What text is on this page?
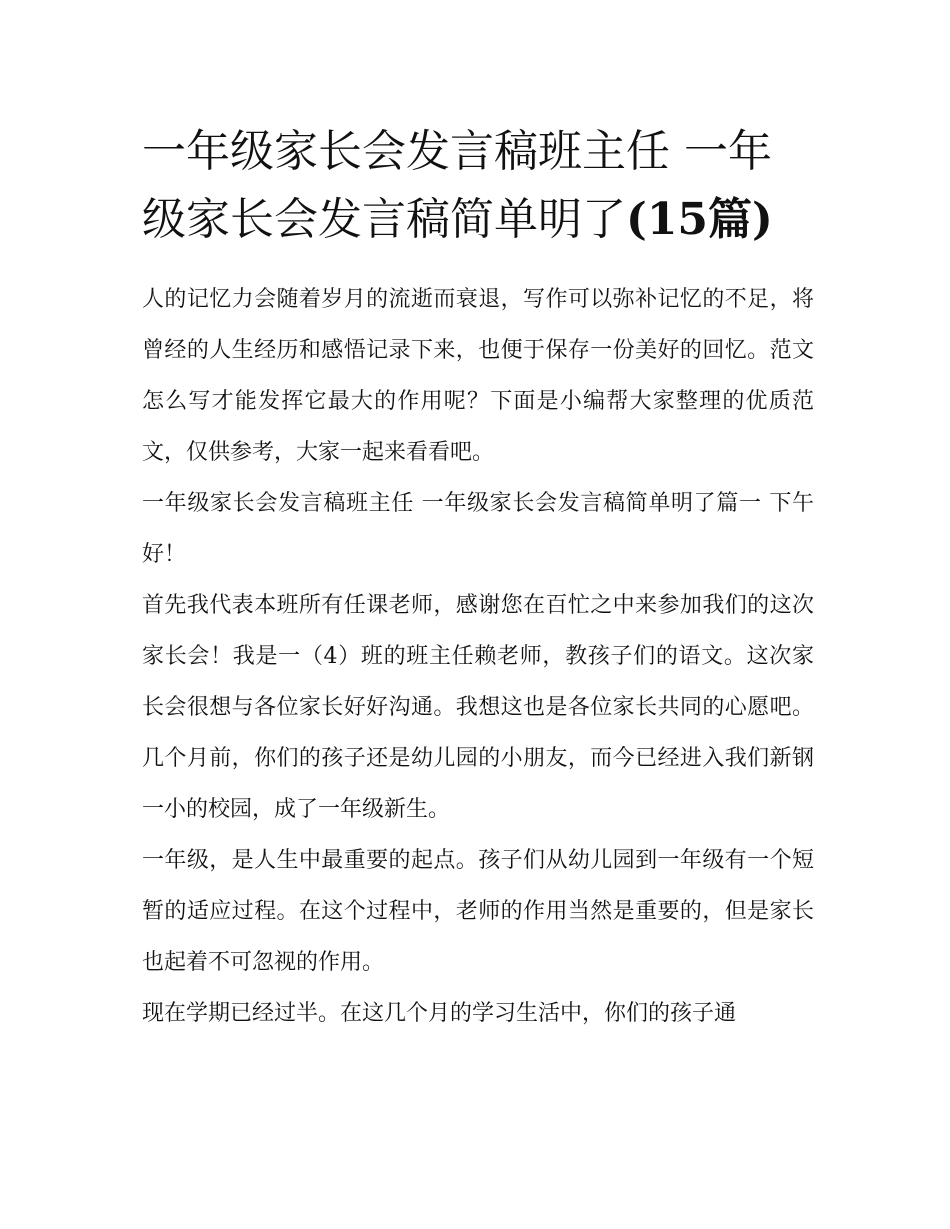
一年级家长会发言稿班主任 一年级家长会发言稿简单明了(15篇)

人的记忆力会随着岁月的流逝而衰退，写作可以弥补记忆的不足，将曾经的人生经历和感悟记录下来，也便于保存一份美好的回忆。范文怎么写才能发挥它最大的作用呢？下面是小编帮大家整理的优质范文，仅供参考，大家一起来看看吧。

一年级家长会发言稿班主任 一年级家长会发言稿简单明了篇一 下午好！

首先我代表本班所有任课老师，感谢您在百忙之中来参加我们的这次家长会！我是一（4）班的班主任赖老师，教孩子们的语文。这次家长会很想与各位家长好好沟通。我想这也是各位家长共同的心愿吧。几个月前，你们的孩子还是幼儿园的小朋友，而今已经进入我们新钢一小的校园，成了一年级新生。

一年级，是人生中最重要的起点。孩子们从幼儿园到一年级有一个短暂的适应过程。在这个过程中，老师的作用当然是重要的，但是家长也起着不可忽视的作用。

现在学期已经过半。在这几个月的学习生活中，你们的孩子通
